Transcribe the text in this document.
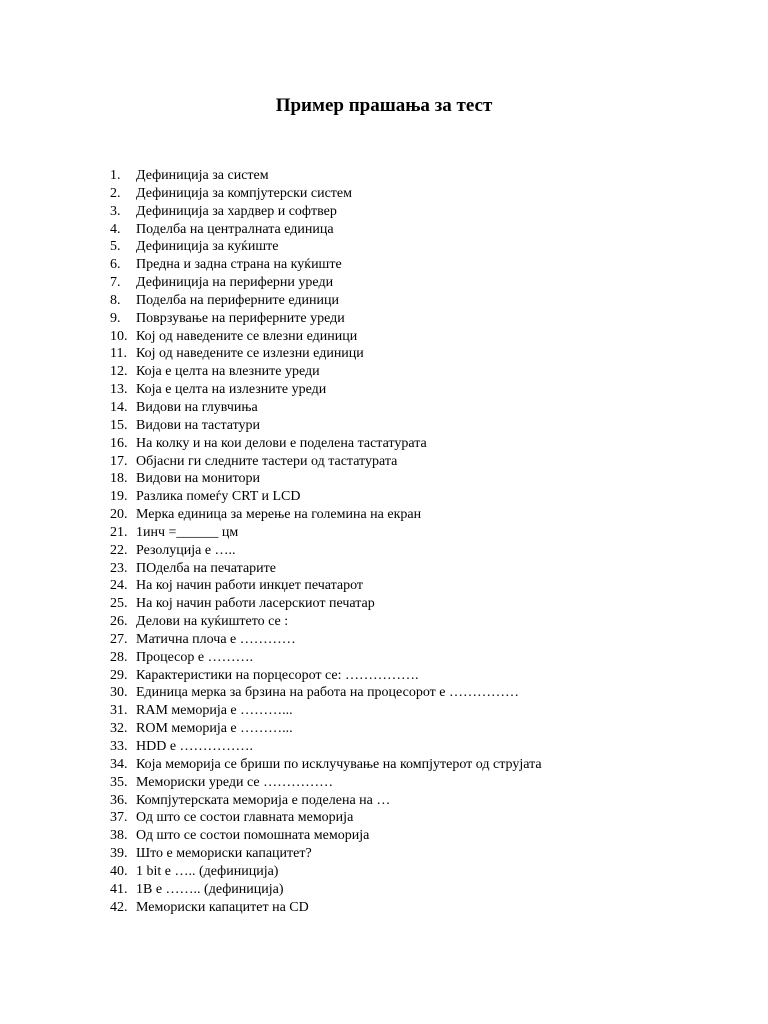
Пример прашања за тест
1. Дефиниција за систем
2. Дефиниција за компјутерски систем
3. Дефиниција за хардвер и софтвер
4. Поделба на централната единица
5. Дефиниција за куќиште
6. Предна и задна страна на куќиште
7. Дефиниција на периферни уреди
8. Поделба на периферните единици
9. Поврзување на периферните уреди
10. Кој од наведените се влезни единици
11. Кој од наведените се излезни единици
12. Која е целта на влезните уреди
13. Која е целта на излезните уреди
14. Видови на глувчиња
15. Видови на тастатури
16. На колку и на кои делови е поделена тастатурата
17. Објасни ги следните тастери од тастатурата
18. Видови на монитори
19. Разлика помеѓу CRT и LCD
20. Мерка единица за мерење на големина на екран
21. 1инч =______ цм
22. Резолуција е …..
23. ПОделба на печатарите
24. На кој начин работи инкџет печатарот
25. На кој начин работи ласерскиот печатар
26. Делови на куќиштето се :
27. Матична плоча е …………
28. Процесор е ……….
29. Карактеристики на порцесорот се: …………….
30. Единица мерка за брзина на работа на процесорот е ……………
31. RAM меморија е ………...
32. ROM меморија е ………...
33. HDD е …………….
34. Која меморија се бриши по исклучување на компјутерот од струјата
35. Мемориски уреди се ……………
36. Компјутерската меморија е поделена на …
37. Од што се состои главната меморија
38. Од што се состои помошната меморија
39. Што е мемориски капацитет?
40. 1 bit е ….. (дефиниција)
41. 1B е …….. (дефиниција)
42. Мемориски капацитет на CD
